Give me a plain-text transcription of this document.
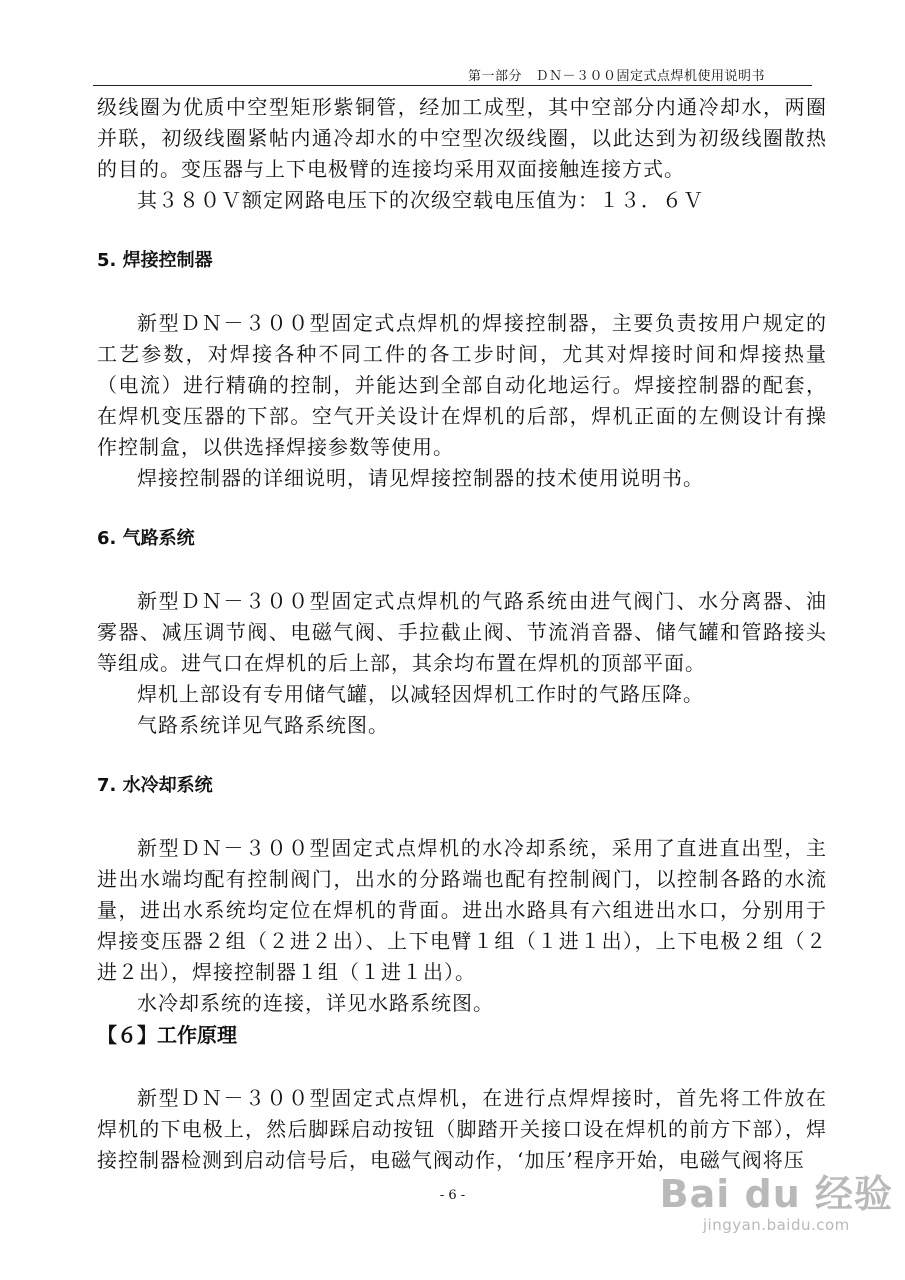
第一部分　ＤＮ－３００固定式点焊机使用说明书

级线圈为优质中空型矩形紫铜管，经加工成型，其中空部分内通冷却水，两圈并联，初级线圈紧帖内通冷却水的中空型次级线圈，以此达到为初级线圈散热的目的。变压器与上下电极臂的连接均采用双面接触连接方式。

其３８０Ｖ额定网路电压下的次级空载电压值为：１３．６Ｖ

5. 焊接控制器

新型ＤＮ－３００型固定式点焊机的焊接控制器，主要负责按用户规定的工艺参数，对焊接各种不同工件的各工步时间，尤其对焊接时间和焊接热量（电流）进行精确的控制，并能达到全部自动化地运行。焊接控制器的配套，在焊机变压器的下部。空气开关设计在焊机的后部，焊机正面的左侧设计有操作控制盒，以供选择焊接参数等使用。

焊接控制器的详细说明，请见焊接控制器的技术使用说明书。

6. 气路系统

新型ＤＮ－３００型固定式点焊机的气路系统由进气阀门、水分离器、油雾器、减压调节阀、电磁气阀、手拉截止阀、节流消音器、储气罐和管路接头等组成。进气口在焊机的后上部，其余均布置在焊机的顶部平面。

焊机上部设有专用储气罐，以减轻因焊机工作时的气路压降。

气路系统详见气路系统图。

7. 水冷却系统

新型ＤＮ－３００型固定式点焊机的水冷却系统，采用了直进直出型，主进出水端均配有控制阀门，出水的分路端也配有控制阀门，以控制各路的水流量，进出水系统均定位在焊机的背面。进出水路具有六组进出水口，分别用于焊接变压器２组（２进２出）、上下电臂１组（１进１出），上下电极２组（２进２出），焊接控制器１组（１进１出）。

水冷却系统的连接，详见水路系统图。

【６】工作原理

新型ＤＮ－３００型固定式点焊机，在进行点焊焊接时，首先将工件放在焊机的下电极上，然后脚踩启动按钮（脚踏开关接口设在焊机的前方下部），焊接控制器检测到启动信号后，电磁气阀动作，‘加压’程序开始，电磁气阀将压

- 6 -	Bai du 经验
jingyan.baidu.com
